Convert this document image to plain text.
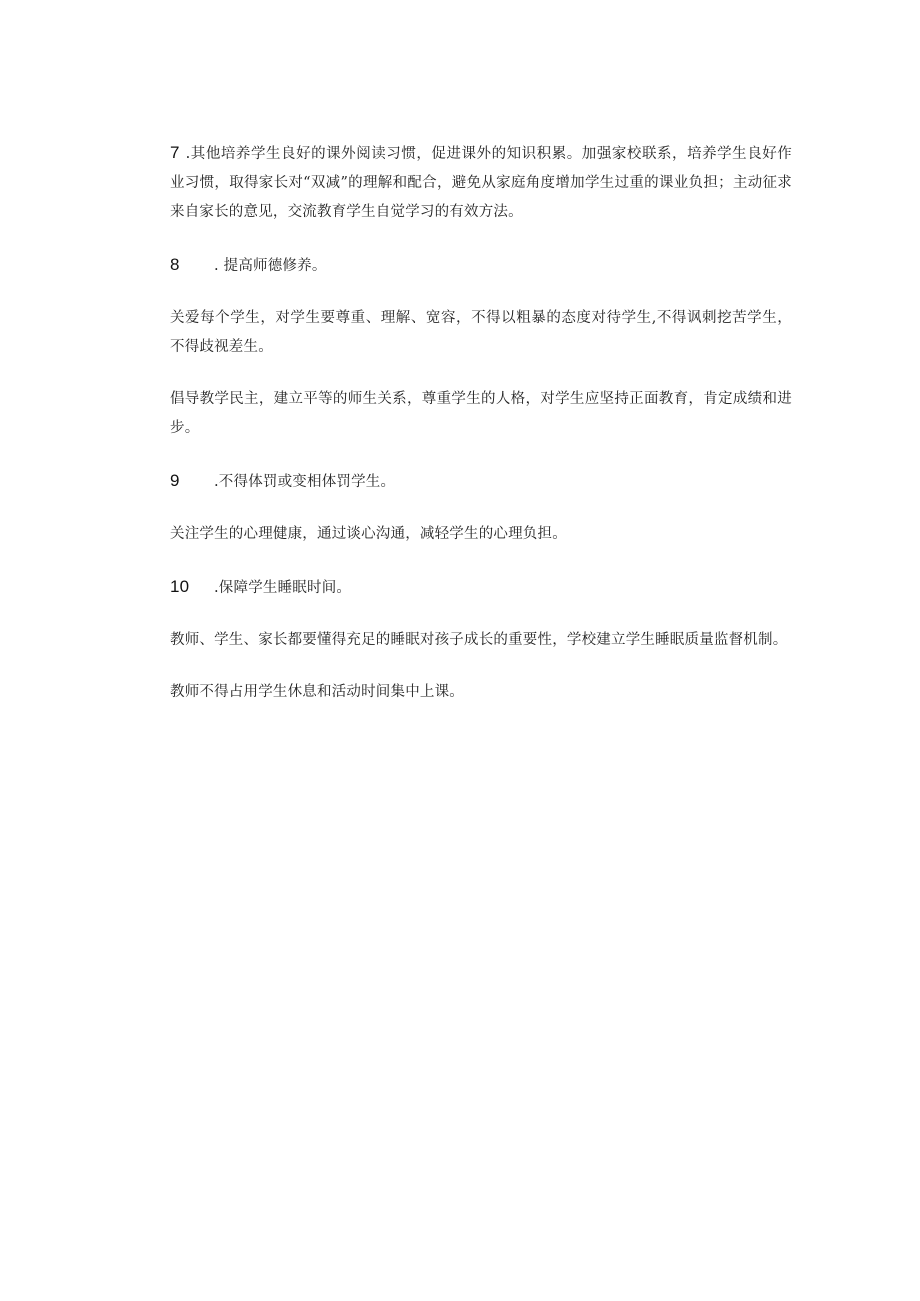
7 .其他培养学生良好的课外阅读习惯，促进课外的知识积累。加强家校联系，培养学生良好作业习惯，取得家长对“双减”的理解和配合，避免从家庭角度增加学生过重的课业负担；主动征求来自家长的意见，交流教育学生自觉学习的有效方法。

8 . 提高师德修养。

关爱每个学生，对学生要尊重、理解、宽容，不得以粗暴的态度对待学生,不得讽刺挖苦学生，不得歧视差生。

倡导教学民主，建立平等的师生关系，尊重学生的人格，对学生应坚持正面教育，肯定成绩和进步。

9 .不得体罚或变相体罚学生。

关注学生的心理健康，通过谈心沟通，减轻学生的心理负担。

10 .保障学生睡眠时间。

教师、学生、家长都要懂得充足的睡眠对孩子成长的重要性，学校建立学生睡眠质量监督机制。

教师不得占用学生休息和活动时间集中上课。
